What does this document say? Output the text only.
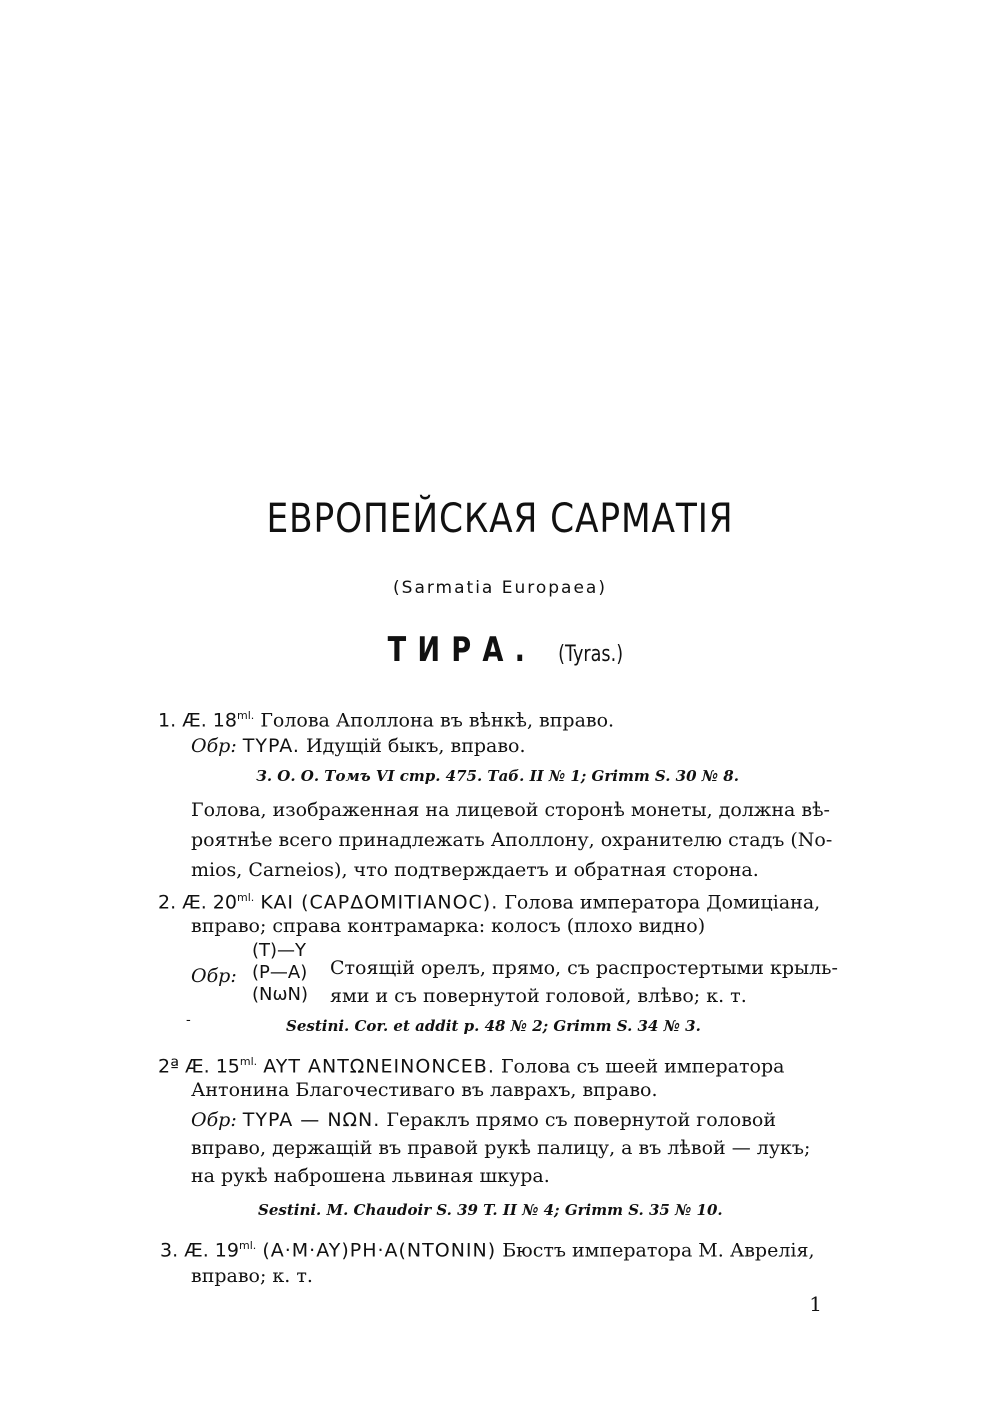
ЕВРОПЕЙСКАЯ САРМАТІЯ
(Sarmatia Europaea)
ТИРА. (Tyras.)
1. Æ. $18^{ml.}$ Голова Аполлона въ вѣнкѣ, вправо.
Обр: TYPA. Идущій быкъ, вправо.
З. О. О. Томъ VI стр. 475. Таб. II № 1; Grimm S. 30 № 8.
Голова, изображенная на лицевой сторонѣ монеты, должна вѣ-
роятнѣе всего принадлежать Аполлону, охранителю стадъ (No-
mios, Carneios), что подтверждаетъ и обратная сторона.
2. Æ. $20^{ml.}$ KAI (CAPΔOMITIANOC). Голова императора Домиціана,
вправо; справа контрамарка: колосъ (плохо видно)
Обр:
(T)—Y
(P—A)
(NωN)
Стоящій орелъ, прямо, съ распростертыми крыль-
ями и съ повернутой головой, влѣво; к. т.
-	Sestini. Cor. et addit p. 48 № 2; Grimm S. 34 № 3.
2ª Æ. $15^{ml.}$ AYT ANTΩNEINONCEB. Голова съ шеей императора
Антонина Благочестиваго въ лаврахъ, вправо.
Обр: TYPA — NΩN. Гераклъ прямо съ повернутой головой
вправо, держащій въ правой рукѣ палицу, а въ лѣвой — лукъ;
на рукѣ наброшена львиная шкура.
Sestini. M. Chaudoir S. 39 T. II № 4; Grimm S. 35 № 10.
3. Æ. $19^{ml.}$ (A·M·AY)PH·A(NTONIN) Бюстъ императора М. Аврелія,
вправо; к. т.
1
